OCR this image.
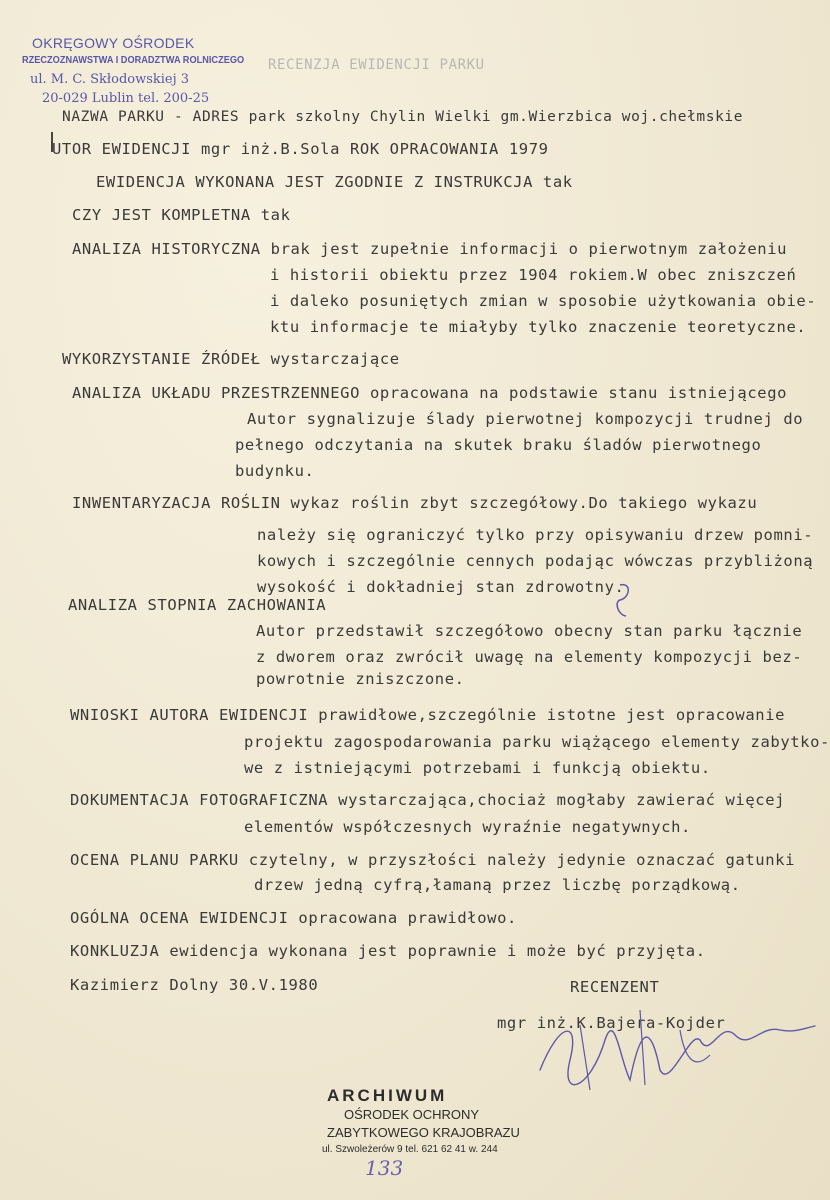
OKRĘGOWY OŚRODEK
RZECZOZNAWSTWA I DORADZTWA ROLNICZEGO
ul. M. C. Skłodowskiej 3
20-029 Lublin tel. 200-25
RECENZJA EWIDENCJI PARKU
NAZWA PARKU - ADRES park szkolny Chylin Wielki gm.Wierzbica woj.chełmskie
UTOR EWIDENCJI mgr inż.B.Sola ROK OPRACOWANIA 1979
EWIDENCJA WYKONANA JEST ZGODNIE Z INSTRUKCJA tak
CZY JEST KOMPLETNA tak
ANALIZA HISTORYCZNA brak jest zupełnie informacji o pierwotnym założeniu
i historii obiektu przez 1904 rokiem.W obec zniszczeń
i daleko posuniętych zmian w sposobie użytkowania obie-
ktu informacje te miałyby tylko znaczenie teoretyczne.
WYKORZYSTANIE ŹRÓDEŁ wystarczające
ANALIZA UKŁADU PRZESTRZENNEGO opracowana na podstawie stanu istniejącego
Autor sygnalizuje ślady pierwotnej kompozycji trudnej do
pełnego odczytania na skutek braku śladów pierwotnego
budynku.
INWENTARYZACJA ROŚLIN wykaz roślin zbyt szczegółowy.Do takiego wykazu
należy się ograniczyć tylko przy opisywaniu drzew pomni-
kowych i szczególnie cennych podając wówczas przybliżoną
wysokość i dokładniej stan zdrowotny.
ANALIZA STOPNIA ZACHOWANIA
Autor przedstawił szczegółowo obecny stan parku łącznie
z dworem oraz zwrócił uwagę na elementy kompozycji bez-
powrotnie zniszczone.
WNIOSKI AUTORA EWIDENCJI prawidłowe,szczególnie istotne jest opracowanie
projektu zagospodarowania parku wiążącego elementy zabytko-
we z istniejącymi potrzebami i funkcją obiektu.
DOKUMENTACJA FOTOGRAFICZNA wystarczająca,chociaż mogłaby zawierać więcej
elementów współczesnych wyraźnie negatywnych.
OCENA PLANU PARKU czytelny, w przyszłości należy jedynie oznaczać gatunki
drzew jedną cyfrą,łamaną przez liczbę porządkową.
OGÓLNA OCENA EWIDENCJI opracowana prawidłowo.
KONKLUZJA ewidencja wykonana jest poprawnie i może być przyjęta.
Kazimierz Dolny 30.V.1980	RECENZENT
mgr inż.K.Bajera-Kojder
ARCHIWUM
OŚRODEK OCHRONY
ZABYTKOWEGO KRAJOBRAZU
ul. Szwoleżerów 9 tel. 621 62 41 w. 244
133
